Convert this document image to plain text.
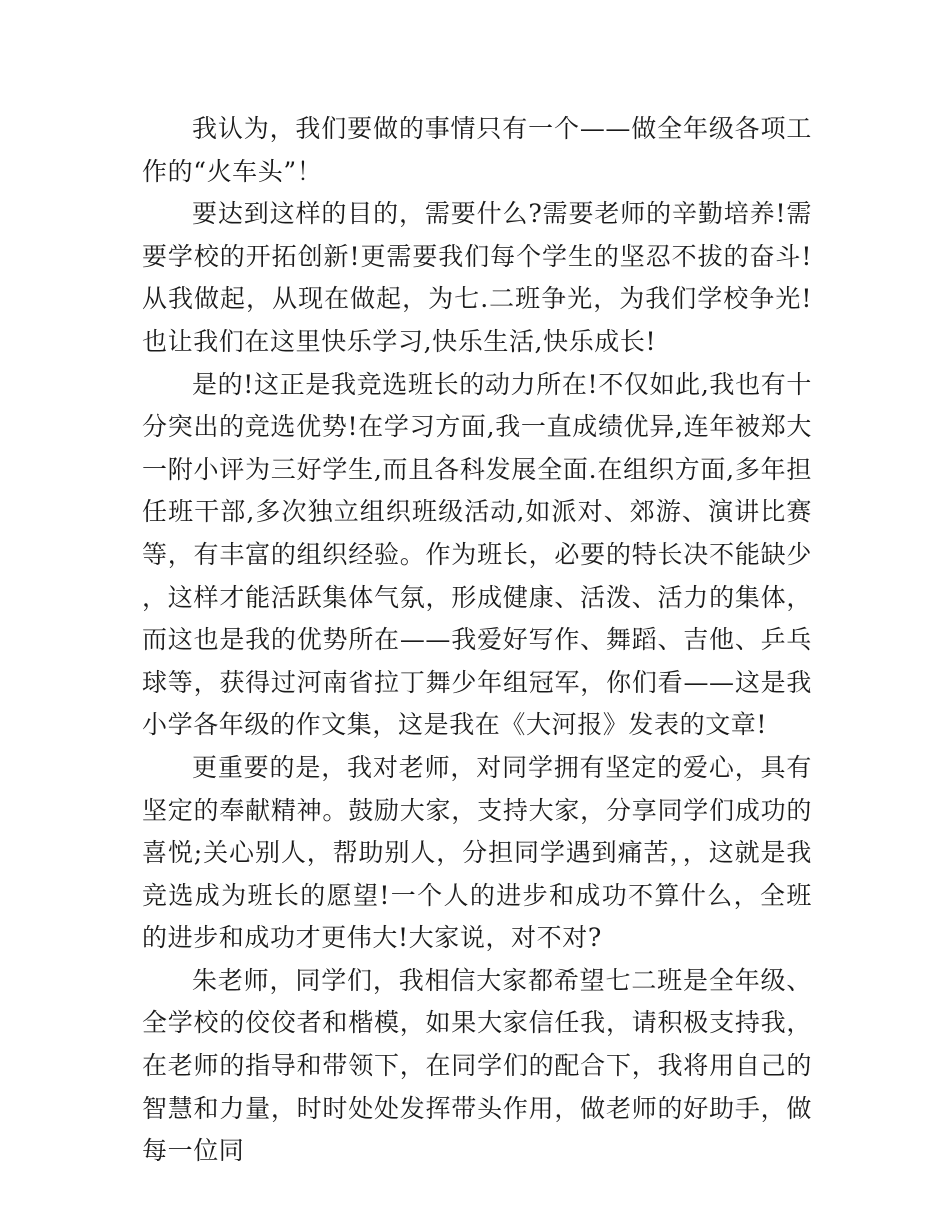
我认为，我们要做的事情只有一个——做全年级各项工作的“火车头”！

要达到这样的目的，需要什么?需要老师的辛勤培养!需要学校的开拓创新!更需要我们每个学生的坚忍不拔的奋斗!从我做起，从现在做起，为七.二班争光，为我们学校争光!也让我们在这里快乐学习,快乐生活,快乐成长!

是的!这正是我竞选班长的动力所在!不仅如此,我也有十分突出的竞选优势!在学习方面,我一直成绩优异,连年被郑大一附小评为三好学生,而且各科发展全面.在组织方面,多年担任班干部,多次独立组织班级活动,如派对、郊游、演讲比赛等，有丰富的组织经验。作为班长，必要的特长决不能缺少，这样才能活跃集体气氛，形成健康、活泼、活力的集体，而这也是我的优势所在——我爱好写作、舞蹈、吉他、乒乓球等，获得过河南省拉丁舞少年组冠军，你们看——这是我小学各年级的作文集，这是我在《大河报》发表的文章!

更重要的是，我对老师，对同学拥有坚定的爱心，具有坚定的奉献精神。鼓励大家，支持大家，分享同学们成功的喜悦;关心别人，帮助别人，分担同学遇到痛苦，，这就是我竞选成为班长的愿望!一个人的进步和成功不算什么，全班的进步和成功才更伟大!大家说，对不对?

朱老师，同学们，我相信大家都希望七二班是全年级、全学校的佼佼者和楷模，如果大家信任我，请积极支持我，在老师的指导和带领下，在同学们的配合下，我将用自己的智慧和力量，时时处处发挥带头作用，做老师的好助手，做每一位同
